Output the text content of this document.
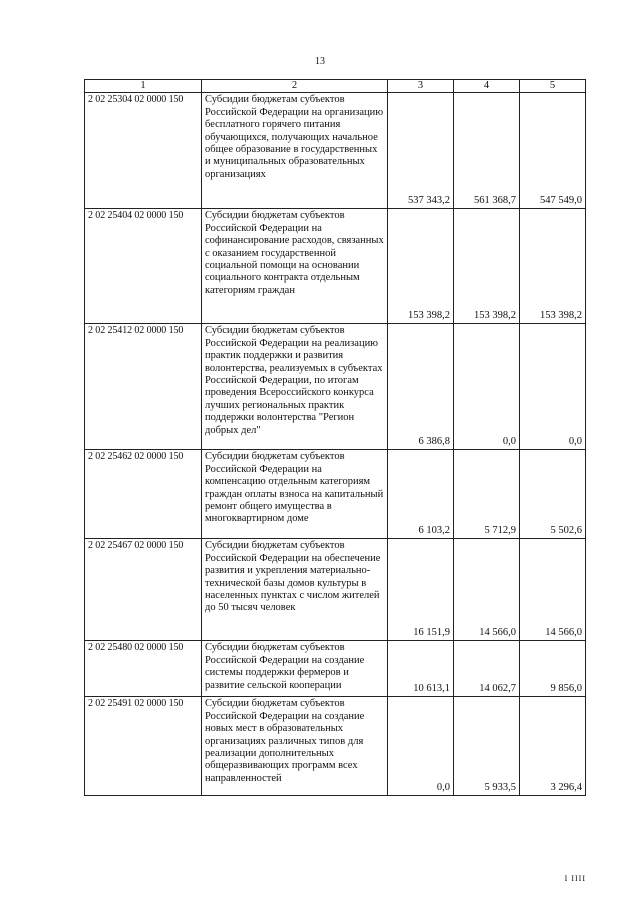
13
1	2	3	4	5
2 02 25304 02 0000 150	Субсидии бюджетам субъектов Российской Федерации на организацию бесплатного горячего питания обучающихся, получающих начальное общее образование в государственных и муниципальных образовательных организациях	537 343,2	561 368,7	547 549,0
2 02 25404 02 0000 150	Субсидии бюджетам субъектов Российской Федерации на софинансирование расходов, связанных с оказанием государственной социальной помощи на основании социального контракта отдельным категориям граждан	153 398,2	153 398,2	153 398,2
2 02 25412 02 0000 150	Субсидии бюджетам субъектов Российской Федерации на реализацию практик поддержки и развития волонтерства, реализуемых в субъектах Российской Федерации, по итогам проведения Всероссийского конкурса лучших региональных практик поддержки волонтерства "Регион добрых дел"	6 386,8	0,0	0,0
2 02 25462 02 0000 150	Субсидии бюджетам субъектов Российской Федерации на компенсацию отдельным категориям граждан оплаты взноса на капитальный ремонт общего имущества в многоквартирном доме	6 103,2	5 712,9	5 502,6
2 02 25467 02 0000 150	Субсидии бюджетам субъектов Российской Федерации на обеспечение развития и укрепления материально-технической базы домов культуры в населенных пунктах с числом жителей до 50 тысяч человек	16 151,9	14 566,0	14 566,0
2 02 25480 02 0000 150	Субсидии бюджетам субъектов Российской Федерации на создание системы поддержки фермеров и развитие сельской кооперации	10 613,1	14 062,7	9 856,0
2 02 25491 02 0000 150	Субсидии бюджетам субъектов Российской Федерации на создание новых мест в образовательных организациях различных типов для реализации дополнительных общеразвивающих программ всех направленностей	0,0	5 933,5	3 296,4
I IIII
